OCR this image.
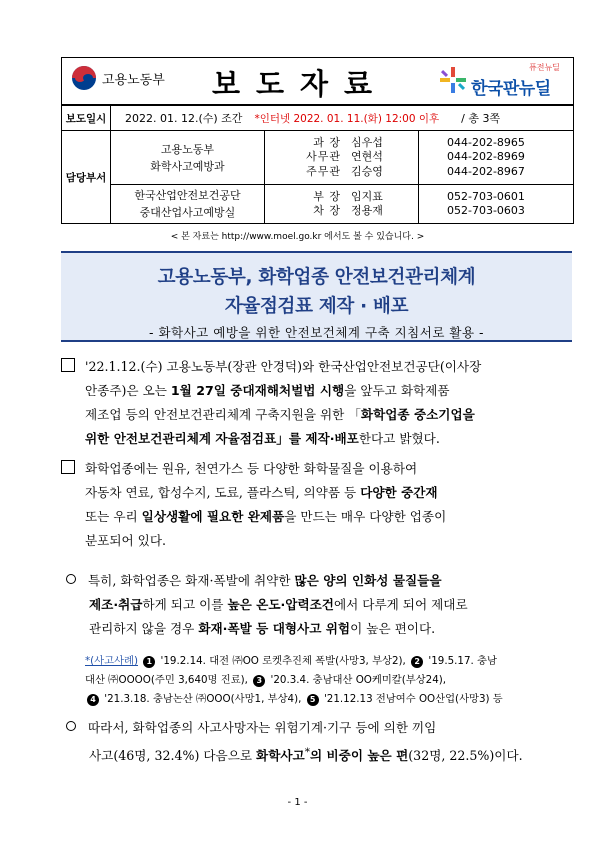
고용노동부 보도자료	퓨전뉴딜
한국판뉴딜
보도일시	2022. 01. 12.(수) 조간 *인터넷 2022. 01. 11.(화) 12:00 이후 / 총 3쪽
담당부서
고용노동부
화학사고예방과
과 장 심우섭
사무관 연현석
주무관 김승영
044-202-8965
044-202-8969
044-202-8967
한국산업안전보건공단
중대산업사고예방실
부 장 임지표
차 장 정용재
052-703-0601
052-703-0603
< 본 자료는 http://www.moel.go.kr 에서도 볼 수 있습니다. >
고용노동부, 화학업종 안전보건관리체계
자율점검표 제작 · 배포
- 화학사고 예방을 위한 안전보건체계 구축 지침서로 활용 -
'22.1.12.(수) 고용노동부(장관 안경덕)와 한국산업안전보건공단(이사장
안종주)은 오는 1월 27일 중대재해처벌법 시행을 앞두고 화학제품
제조업 등의 안전보건관리체계 구축지원을 위한 「화학업종 중소기업을
위한 안전보건관리체계 자율점검표」를 제작·배포한다고 밝혔다.
화학업종에는 원유, 천연가스 등 다양한 화학물질을 이용하여
자동차 연료, 합성수지, 도료, 플라스틱, 의약품 등 다양한 중간재
또는 우리 일상생활에 필요한 완제품을 만드는 매우 다양한 업종이
분포되어 있다.
특히, 화학업종은 화재·폭발에 취약한 많은 양의 인화성 물질들을
제조·취급하게 되고 이를 높은 온도·압력조건에서 다루게 되어 제대로
관리하지 않을 경우 화재·폭발 등 대형사고 위험이 높은 편이다.
*(사고사례) 1 '19.2.14. 대전 ㈜OO 로켓추진체 폭발(사망3, 부상2), 2 '19.5.17. 충남
대산 ㈜OOOO(주민 3,640명 진료), 3 '20.3.4. 충남대산 OO케미칼(부상24),
4 '21.3.18. 충남논산 ㈜OOO(사망1, 부상4), 5 '21.12.13 전남여수 OO산업(사망3) 등
따라서, 화학업종의 사고사망자는 위험기계·기구 등에 의한 끼임
사고(46명, 32.4%) 다음으로 화학사고*의 비중이 높은 편(32명, 22.5%)이다.
- 1 -
